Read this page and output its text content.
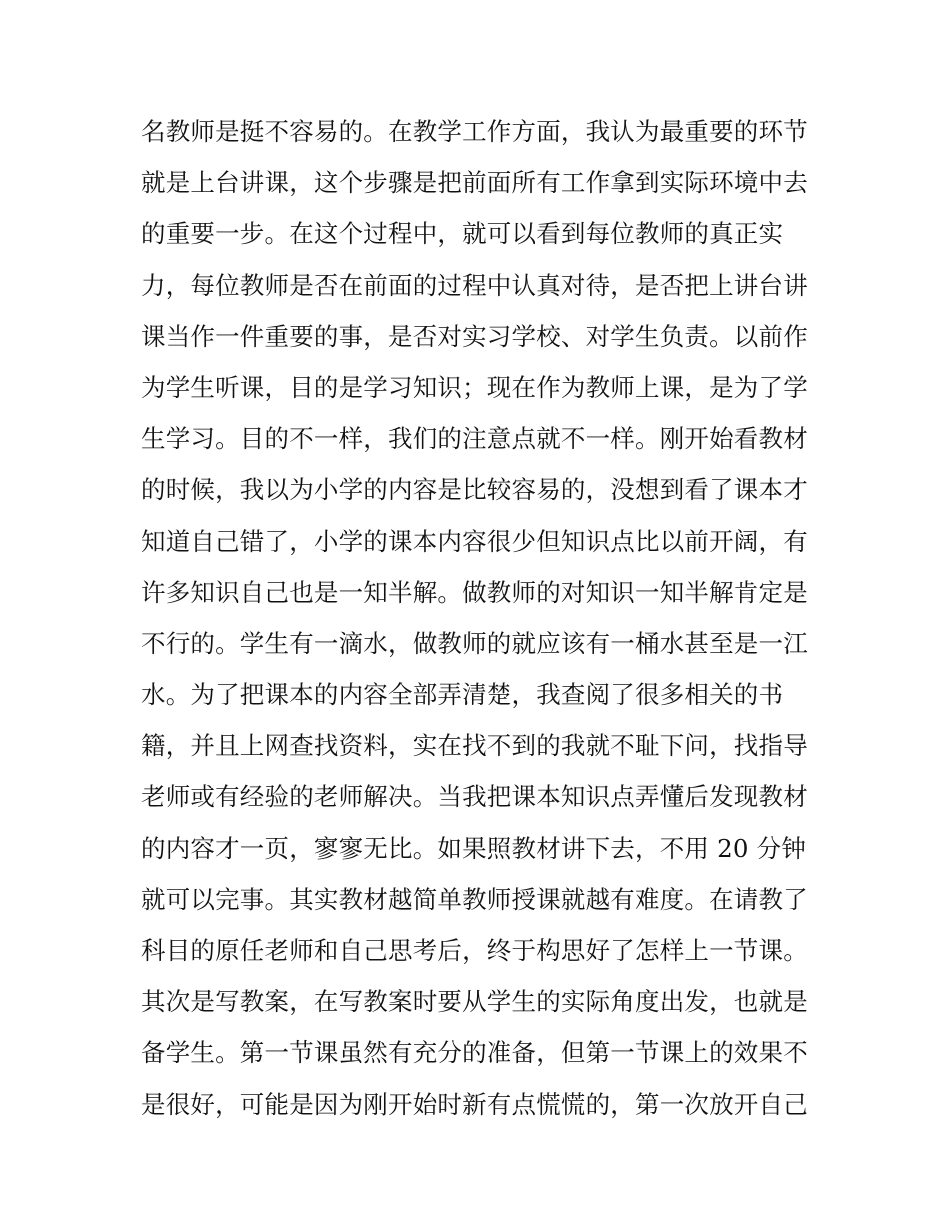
名教师是挺不容易的。在教学工作方面，我认为最重要的环节
就是上台讲课，这个步骤是把前面所有工作拿到实际环境中去
的重要一步。在这个过程中，就可以看到每位教师的真正实
力，每位教师是否在前面的过程中认真对待，是否把上讲台讲
课当作一件重要的事，是否对实习学校、对学生负责。以前作
为学生听课，目的是学习知识；现在作为教师上课，是为了学
生学习。目的不一样，我们的注意点就不一样。刚开始看教材
的时候，我以为小学的内容是比较容易的，没想到看了课本才
知道自己错了，小学的课本内容很少但知识点比以前开阔，有
许多知识自己也是一知半解。做教师的对知识一知半解肯定是
不行的。学生有一滴水，做教师的就应该有一桶水甚至是一江
水。为了把课本的内容全部弄清楚，我查阅了很多相关的书
籍，并且上网查找资料，实在找不到的我就不耻下问，找指导
老师或有经验的老师解决。当我把课本知识点弄懂后发现教材
的内容才一页，寥寥无比。如果照教材讲下去，不用 20 分钟
就可以完事。其实教材越简单教师授课就越有难度。在请教了
科目的原任老师和自己思考后，终于构思好了怎样上一节课。
其次是写教案，在写教案时要从学生的实际角度出发，也就是
备学生。第一节课虽然有充分的准备，但第一节课上的效果不
是很好，可能是因为刚开始时新有点慌慌的，第一次放开自己
